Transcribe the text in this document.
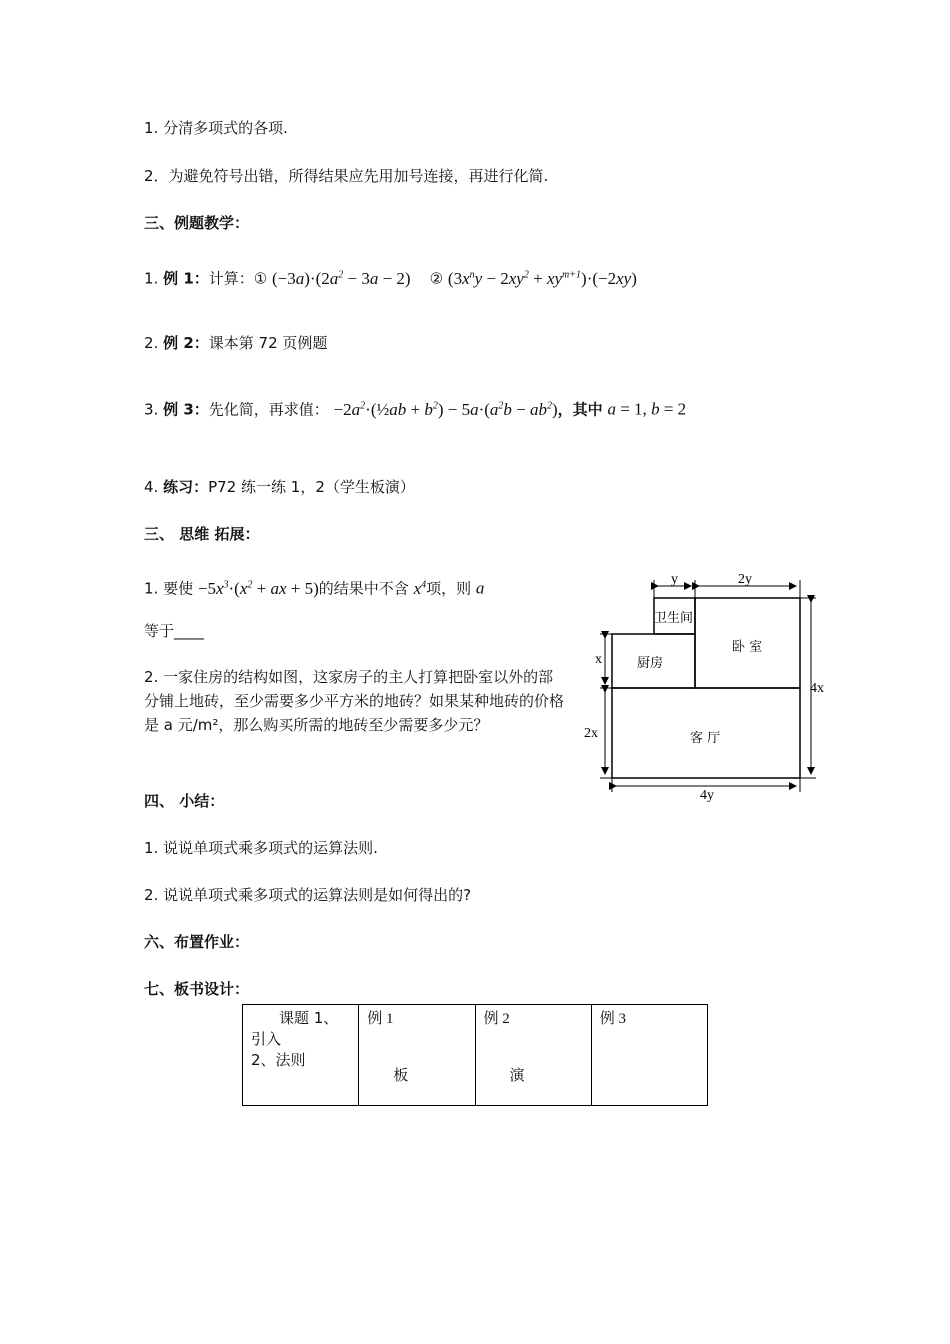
1. 分清多项式的各项.
2．为避免符号出错，所得结果应先用加号连接，再进行化简.
三、例题教学：
1. 例 1：计算：① $(-3a)\cdot(2a^2 - 3a - 2)$ ② $(3x^ny - 2xy^2 + xy^{m+1})\cdot(-2xy)$
2. 例 2：课本第 72 页例题
3. 例 3：先化简，再求值： $-2a^2\cdot(\frac{1}{2}ab + b^2) - 5a\cdot(a^2b - ab^2)$，其中 a = 1, b = 2
4. 练习：P72 练一练 1，2（学生板演）
三、 思维 拓展：
1. 要使 $-5x^3\cdot(x^2$ + ax + 5)的结果中不含 $x^4$项，则 a
等于____
2. 一家住房的结构如图，这家房子的主人打算把卧室以外的部分铺上地砖，至少需要多少平方米的地砖？如果某种地砖的价格是 a 元/m²，那么购买所需的地砖至少需要多少元？
y	2y
x
2x
4x
4y
卫生间
厨房
卧 室
客 厅
四、 小结：
1. 说说单项式乘多项式的运算法则.
2. 说说单项式乘多项式的运算法则是如何得出的?
六、布置作业：
七、板书设计：
课题 1、
引入
2、法则

例 1
板

例 2
演

例 3
